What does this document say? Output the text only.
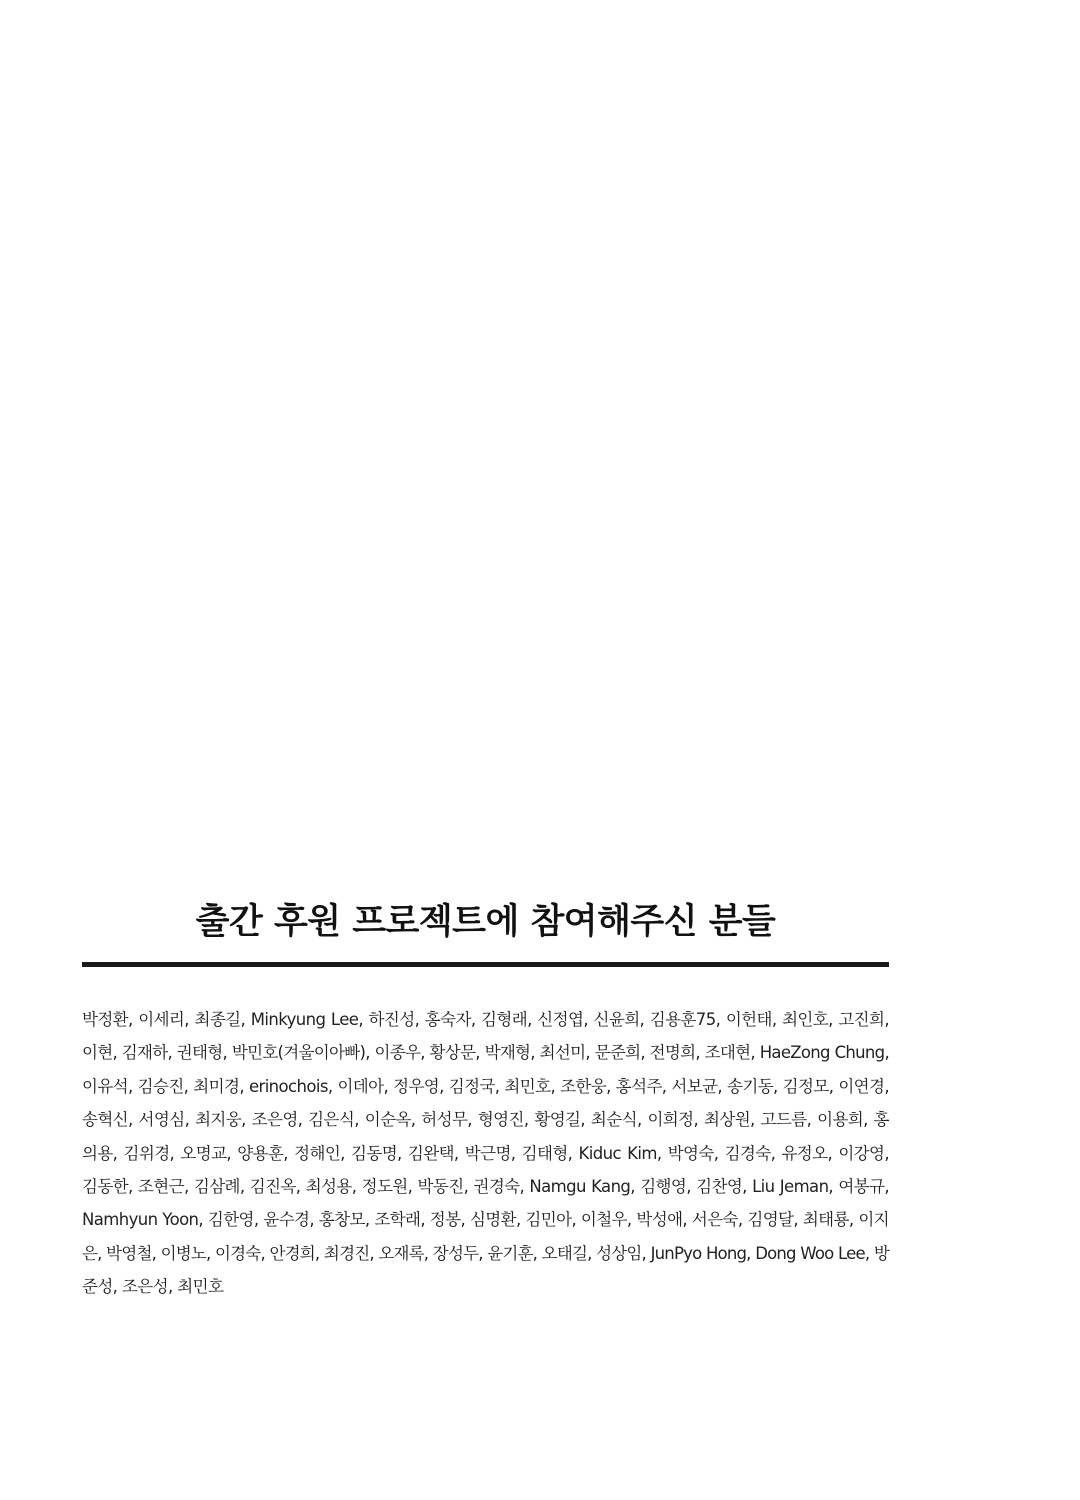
출간 후원 프로젝트에 참여해주신 분들
박정환, 이세리, 최종길, Minkyung Lee, 하진성, 홍숙자, 김형래, 신정엽, 신윤희, 김용훈75, 이헌태, 최인호, 고진희,
이현, 김재하, 권태형, 박민호(겨울이아빠), 이종우, 황상문, 박재형, 최선미, 문준희, 전명희, 조대현, HaeZong Chung,
이유석, 김승진, 최미경, erinochois, 이데아, 정우영, 김정국, 최민호, 조한웅, 홍석주, 서보균, 송기동, 김정모, 이연경,
송혁신, 서영심, 최지웅, 조은영, 김은식, 이순옥, 허성무, 형영진, 황영길, 최순식, 이희정, 최상원, 고드름, 이용희, 홍
의용, 김위경, 오명교, 양용훈, 정해인, 김동명, 김완택, 박근명, 김태형, Kiduc Kim, 박영숙, 김경숙, 유정오, 이강영,
김동한, 조현근, 김삼례, 김진옥, 최성용, 정도원, 박동진, 권경숙, Namgu Kang, 김행영, 김찬영, Liu Jeman, 여봉규,
Namhyun Yoon, 김한영, 윤수경, 홍창모, 조학래, 정봉, 심명환, 김민아, 이철우, 박성애, 서은숙, 김영달, 최태룡, 이지
은, 박영철, 이병노, 이경숙, 안경희, 최경진, 오재록, 장성두, 윤기훈, 오태길, 성상임, JunPyo Hong, Dong Woo Lee, 방
준성, 조은성, 최민호
